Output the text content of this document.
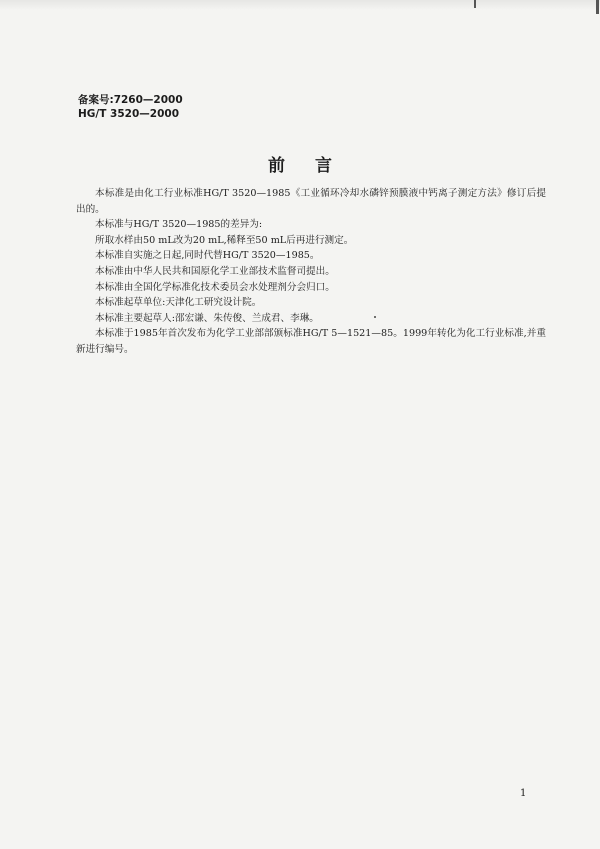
备案号:7260—2000
HG/T 3520—2000
前言

本标准是由化工行业标准HG/T 3520—1985《工业循环冷却水磷锌预膜液中钙离子测定方法》修订后提出的。

本标准与HG/T 3520—1985的差异为:

所取水样由50 mL改为20 mL,稀释至50 mL后再进行测定。

本标准自实施之日起,同时代替HG/T 3520—1985。

本标准由中华人民共和国原化学工业部技术监督司提出。

本标准由全国化学标准化技术委员会水处理剂分会归口。

本标准起草单位:天津化工研究设计院。

本标准主要起草人:邵宏谦、朱传俊、兰成君、李琳。

本标准于1985年首次发布为化学工业部部颁标准HG/T 5—1521—85。1999年转化为化工行业标准,并重新进行编号。

1
